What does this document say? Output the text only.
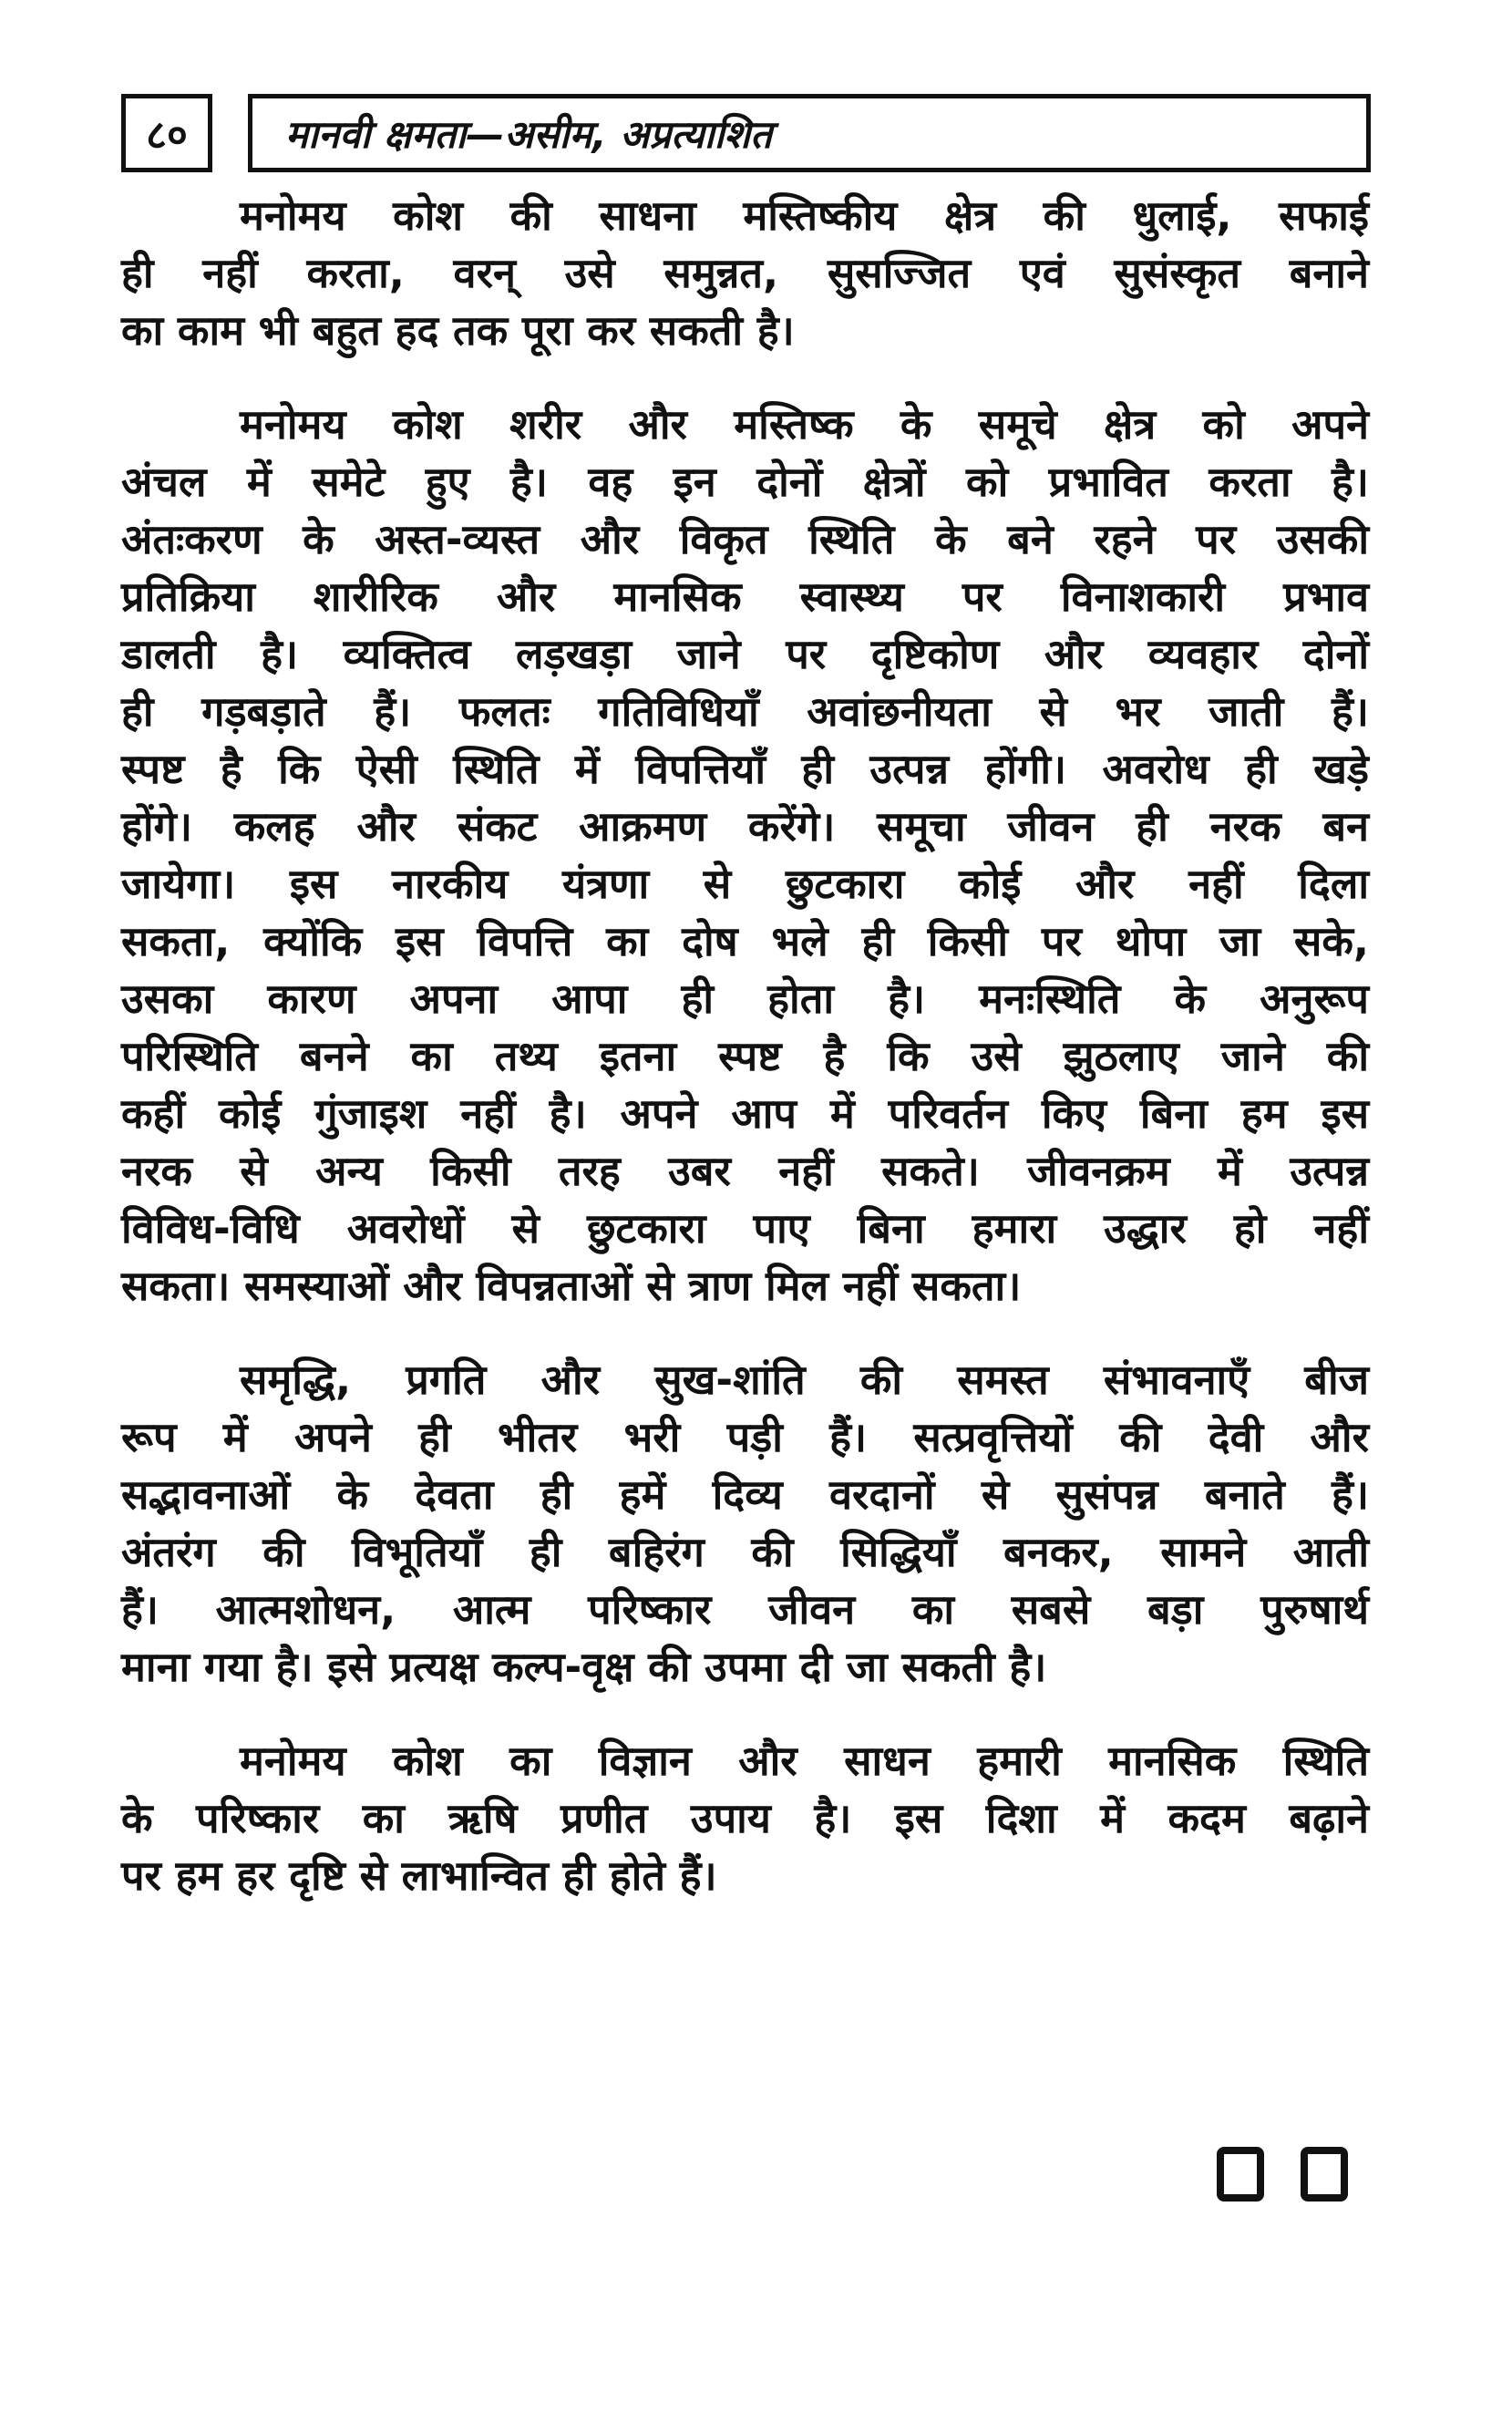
८०	मानवी क्षमता—असीम, अप्रत्याशित
मनोमय कोश की साधना मस्तिष्कीय क्षेत्र की धुलाई, सफाई
ही नहीं करता, वरन् उसे समुन्नत, सुसज्जित एवं सुसंस्कृत बनाने
का काम भी बहुत हद तक पूरा कर सकती है।
मनोमय कोश शरीर और मस्तिष्क के समूचे क्षेत्र को अपने
अंचल में समेटे हुए है। वह इन दोनों क्षेत्रों को प्रभावित करता है।
अंतःकरण के अस्त-व्यस्त और विकृत स्थिति के बने रहने पर उसकी
प्रतिक्रिया शारीरिक और मानसिक स्वास्थ्य पर विनाशकारी प्रभाव
डालती है। व्यक्तित्व लड़खड़ा जाने पर दृष्टिकोण और व्यवहार दोनों
ही गड़बड़ाते हैं। फलतः गतिविधियाँ अवांछनीयता से भर जाती हैं।
स्पष्ट है कि ऐसी स्थिति में विपत्तियाँ ही उत्पन्न होंगी। अवरोध ही खड़े
होंगे। कलह और संकट आक्रमण करेंगे। समूचा जीवन ही नरक बन
जायेगा। इस नारकीय यंत्रणा से छुटकारा कोई और नहीं दिला
सकता, क्योंकि इस विपत्ति का दोष भले ही किसी पर थोपा जा सके,
उसका कारण अपना आपा ही होता है। मनःस्थिति के अनुरूप
परिस्थिति बनने का तथ्य इतना स्पष्ट है कि उसे झुठलाए जाने की
कहीं कोई गुंजाइश नहीं है। अपने आप में परिवर्तन किए बिना हम इस
नरक से अन्य किसी तरह उबर नहीं सकते। जीवनक्रम में उत्पन्न
विविध-विधि अवरोधों से छुटकारा पाए बिना हमारा उद्धार हो नहीं
सकता। समस्याओं और विपन्नताओं से त्राण मिल नहीं सकता।
समृद्धि, प्रगति और सुख-शांति की समस्त संभावनाएँ बीज
रूप में अपने ही भीतर भरी पड़ी हैं। सत्प्रवृत्तियों की देवी और
सद्भावनाओं के देवता ही हमें दिव्य वरदानों से सुसंपन्न बनाते हैं।
अंतरंग की विभूतियाँ ही बहिरंग की सिद्धियाँ बनकर, सामने आती
हैं। आत्मशोधन, आत्म परिष्कार जीवन का सबसे बड़ा पुरुषार्थ
माना गया है। इसे प्रत्यक्ष कल्प-वृक्ष की उपमा दी जा सकती है।
मनोमय कोश का विज्ञान और साधन हमारी मानसिक स्थिति
के परिष्कार का ऋषि प्रणीत उपाय है। इस दिशा में कदम बढ़ाने
पर हम हर दृष्टि से लाभान्वित ही होते हैं।
